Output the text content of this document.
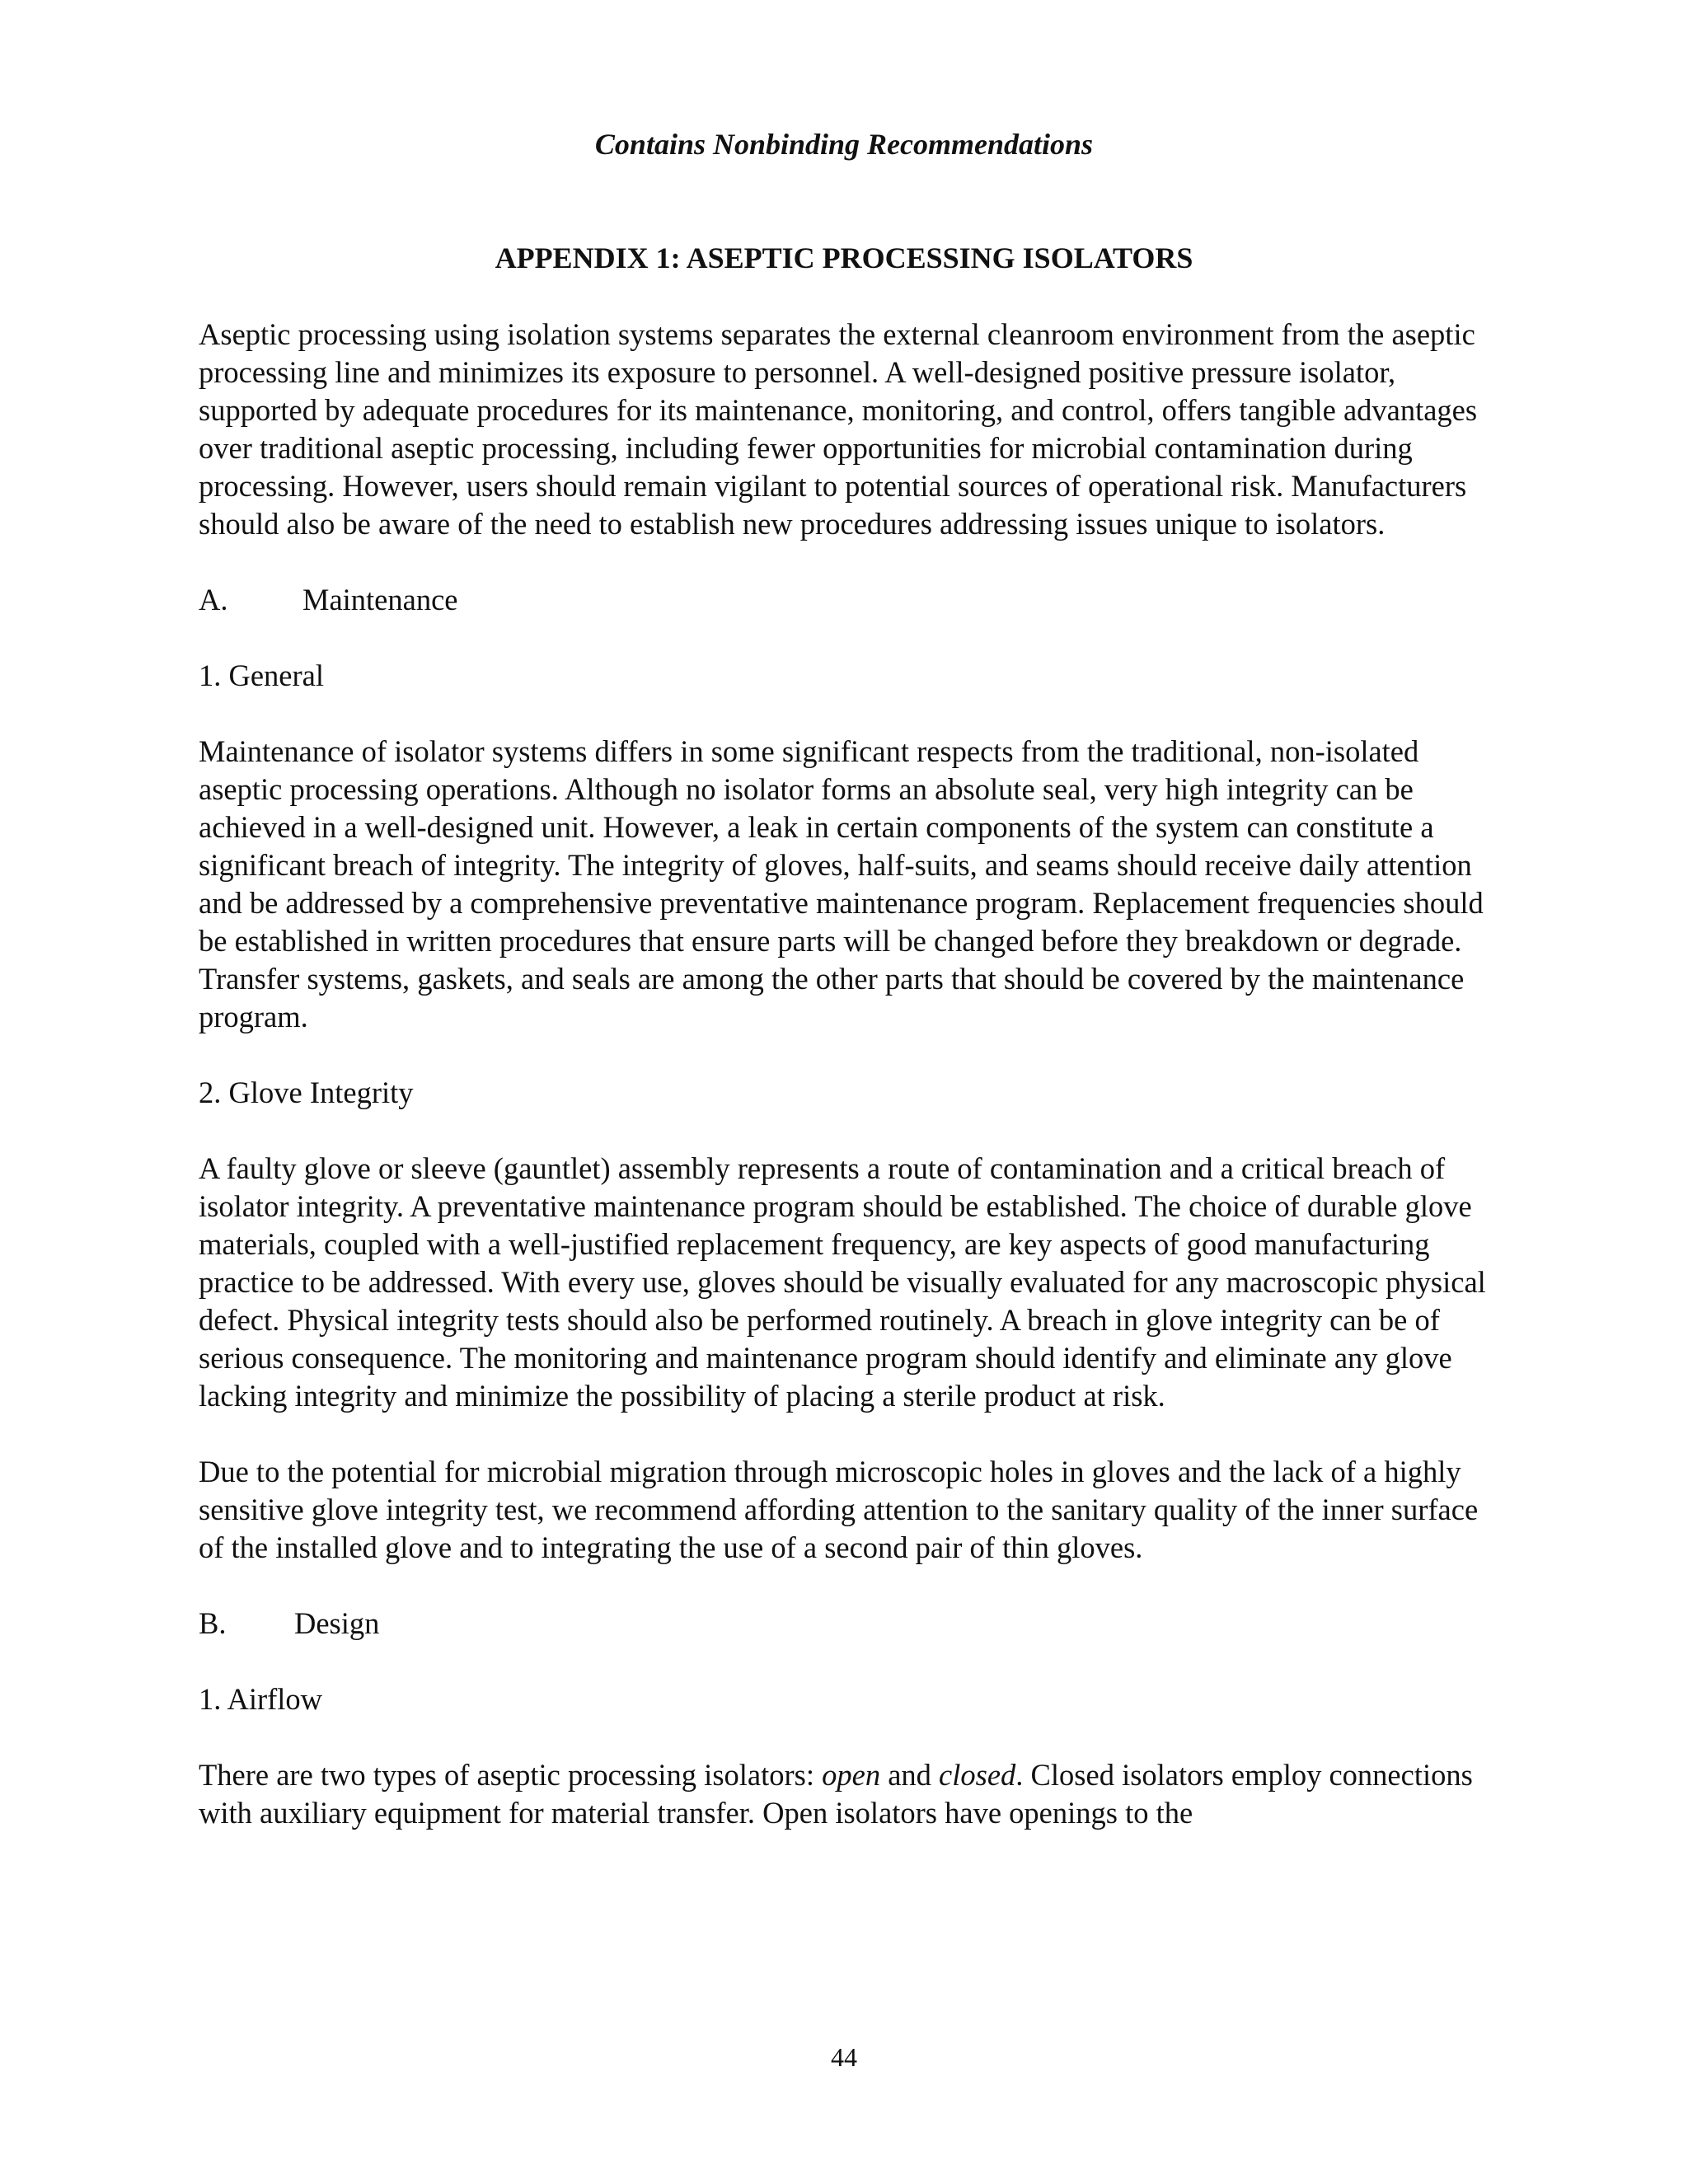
Contains Nonbinding Recommendations
APPENDIX 1: ASEPTIC PROCESSING ISOLATORS

Aseptic processing using isolation systems separates the external cleanroom environment from the aseptic processing line and minimizes its exposure to personnel. A well-designed positive pressure isolator, supported by adequate procedures for its maintenance, monitoring, and control, offers tangible advantages over traditional aseptic processing, including fewer opportunities for microbial contamination during processing. However, users should remain vigilant to potential sources of operational risk. Manufacturers should also be aware of the need to establish new procedures addressing issues unique to isolators.

A. Maintenance
1. General

Maintenance of isolator systems differs in some significant respects from the traditional, non-isolated aseptic processing operations. Although no isolator forms an absolute seal, very high integrity can be achieved in a well-designed unit. However, a leak in certain components of the system can constitute a significant breach of integrity. The integrity of gloves, half-suits, and seams should receive daily attention and be addressed by a comprehensive preventative maintenance program. Replacement frequencies should be established in written procedures that ensure parts will be changed before they breakdown or degrade. Transfer systems, gaskets, and seals are among the other parts that should be covered by the maintenance program.

2. Glove Integrity

A faulty glove or sleeve (gauntlet) assembly represents a route of contamination and a critical breach of isolator integrity. A preventative maintenance program should be established. The choice of durable glove materials, coupled with a well-justified replacement frequency, are key aspects of good manufacturing practice to be addressed. With every use, gloves should be visually evaluated for any macroscopic physical defect. Physical integrity tests should also be performed routinely. A breach in glove integrity can be of serious consequence. The monitoring and maintenance program should identify and eliminate any glove lacking integrity and minimize the possibility of placing a sterile product at risk.

Due to the potential for microbial migration through microscopic holes in gloves and the lack of a highly sensitive glove integrity test, we recommend affording attention to the sanitary quality of the inner surface of the installed glove and to integrating the use of a second pair of thin gloves.

B. Design
1. Airflow

There are two types of aseptic processing isolators: open and closed. Closed isolators employ connections with auxiliary equipment for material transfer. Open isolators have openings to the

44
